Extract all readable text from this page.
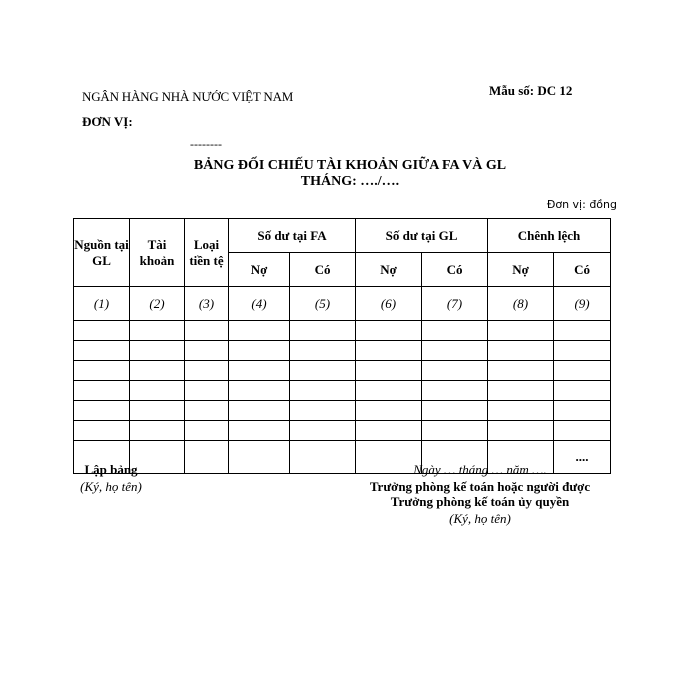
NGÂN HÀNG NHÀ NƯỚC VIỆT NAM
ĐƠN VỊ:
Mẫu số: DC 12
--------
BẢNG ĐỐI CHIẾU TÀI KHOẢN GIỮA FA VÀ GL
THÁNG: …./….
Đơn vị: đồng
Nguồn tại GL	Tài khoản	Loại tiền tệ	Số dư tại FA		Số dư tại GL		Chênh lệch	
			Nợ	Có	Nợ	Có	Nợ	Có
(1)	(2)	(3)	(4)	(5)	(6)	(7)	(8)	(9)

								....
Lập bảng
(Ký, họ tên)
Ngày … tháng … năm ….
Trưởng phòng kế toán hoặc người được
Trưởng phòng kế toán ủy quyền
(Ký, họ tên)
